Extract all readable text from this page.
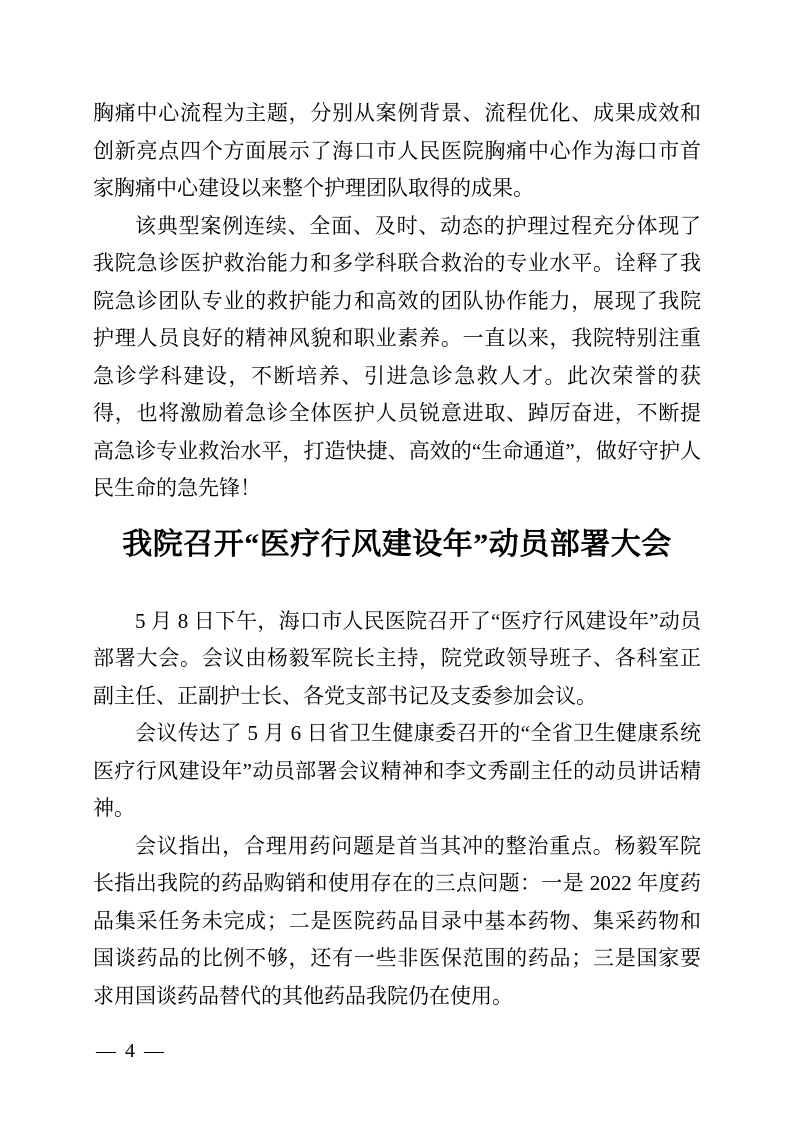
胸痛中心流程为主题，分别从案例背景、流程优化、成果成效和创新亮点四个方面展示了海口市人民医院胸痛中心作为海口市首家胸痛中心建设以来整个护理团队取得的成果。

该典型案例连续、全面、及时、动态的护理过程充分体现了我院急诊医护救治能力和多学科联合救治的专业水平。诠释了我院急诊团队专业的救护能力和高效的团队协作能力，展现了我院护理人员良好的精神风貌和职业素养。一直以来，我院特别注重急诊学科建设，不断培养、引进急诊急救人才。此次荣誉的获得，也将激励着急诊全体医护人员锐意进取、踔厉奋进，不断提高急诊专业救治水平，打造快捷、高效的“生命通道”，做好守护人民生命的急先锋！

我院召开“医疗行风建设年”动员部署大会

5 月 8 日下午，海口市人民医院召开了“医疗行风建设年”动员部署大会。会议由杨毅军院长主持，院党政领导班子、各科室正副主任、正副护士长、各党支部书记及支委参加会议。

会议传达了 5 月 6 日省卫生健康委召开的“全省卫生健康系统医疗行风建设年”动员部署会议精神和李文秀副主任的动员讲话精神。

会议指出，合理用药问题是首当其冲的整治重点。杨毅军院长指出我院的药品购销和使用存在的三点问题：一是 2022 年度药品集采任务未完成；二是医院药品目录中基本药物、集采药物和国谈药品的比例不够，还有一些非医保范围的药品；三是国家要求用国谈药品替代的其他药品我院仍在使用。

— 4 —
